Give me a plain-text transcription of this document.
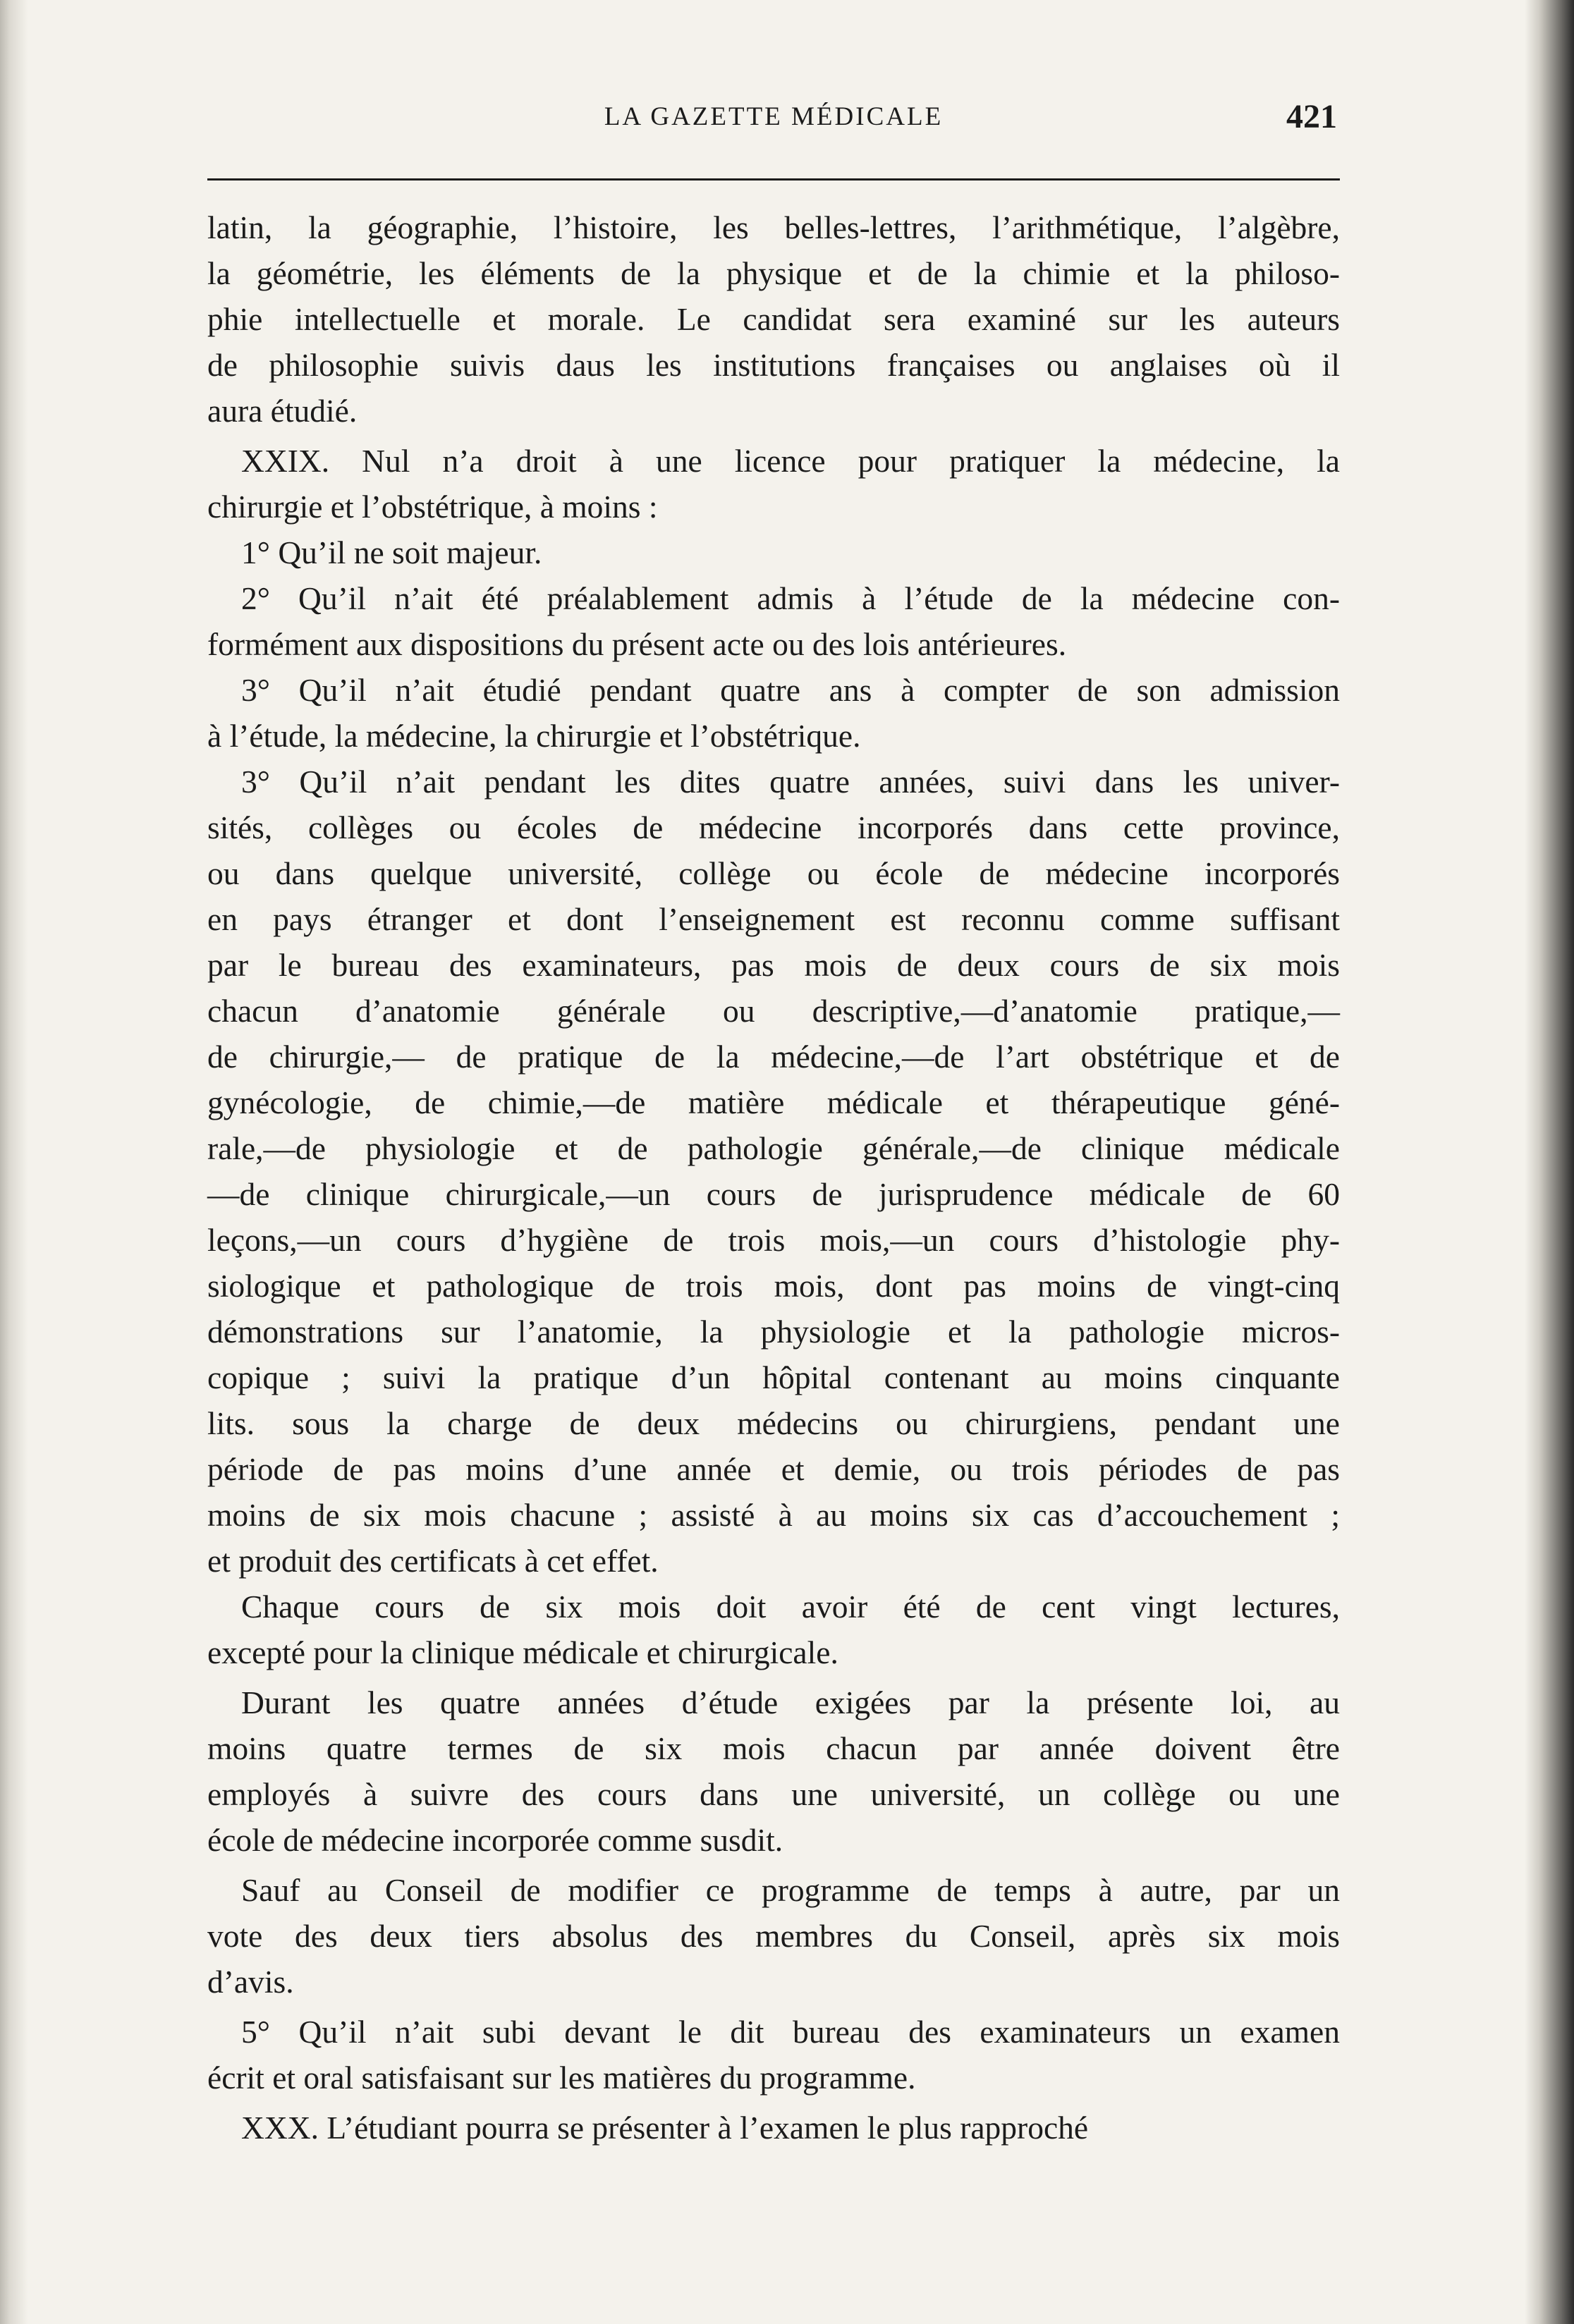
LA GAZETTE MÉDICALE	421
latin, la géographie, l’histoire, les belles-lettres, l’arithmétique, l’algèbre,
la géométrie, les éléments de la physique et de la chimie et la philoso-
phie intellectuelle et morale. Le candidat sera examiné sur les auteurs
de philosophie suivis daus les institutions françaises ou anglaises où il
aura étudié.
XXIX. Nul n’a droit à une licence pour pratiquer la médecine, la
chirurgie et l’obstétrique, à moins :
1° Qu’il ne soit majeur.
2° Qu’il n’ait été préalablement admis à l’étude de la médecine con-
formément aux dispositions du présent acte ou des lois antérieures.
3° Qu’il n’ait étudié pendant quatre ans à compter de son admission
à l’étude, la médecine, la chirurgie et l’obstétrique.
3° Qu’il n’ait pendant les dites quatre années, suivi dans les univer-
sités, collèges ou écoles de médecine incorporés dans cette province,
ou dans quelque université, collège ou école de médecine incorporés
en pays étranger et dont l’enseignement est reconnu comme suffisant
par le bureau des examinateurs, pas mois de deux cours de six mois
chacun d’anatomie générale ou descriptive,—d’anatomie pratique,—
de chirurgie,— de pratique de la médecine,—de l’art obstétrique et de
gynécologie, de chimie,—de matière médicale et thérapeutique géné-
rale,—de physiologie et de pathologie générale,—de clinique médicale
—de clinique chirurgicale,—un cours de jurisprudence médicale de 60
leçons,—un cours d’hygiène de trois mois,—un cours d’histologie phy-
siologique et pathologique de trois mois, dont pas moins de vingt-cinq
démonstrations sur l’anatomie, la physiologie et la pathologie micros-
copique ; suivi la pratique d’un hôpital contenant au moins cinquante
lits. sous la charge de deux médecins ou chirurgiens, pendant une
période de pas moins d’une année et demie, ou trois périodes de pas
moins de six mois chacune ; assisté à au moins six cas d’accouchement ;
et produit des certificats à cet effet.
Chaque cours de six mois doit avoir été de cent vingt lectures,
excepté pour la clinique médicale et chirurgicale.
Durant les quatre années d’étude exigées par la présente loi, au
moins quatre termes de six mois chacun par année doivent être
employés à suivre des cours dans une université, un collège ou une
école de médecine incorporée comme susdit.
Sauf au Conseil de modifier ce programme de temps à autre, par un
vote des deux tiers absolus des membres du Conseil, après six mois
d’avis.
5° Qu’il n’ait subi devant le dit bureau des examinateurs un examen
écrit et oral satisfaisant sur les matières du programme.
XXX. L’étudiant pourra se présenter à l’examen le plus rapproché
